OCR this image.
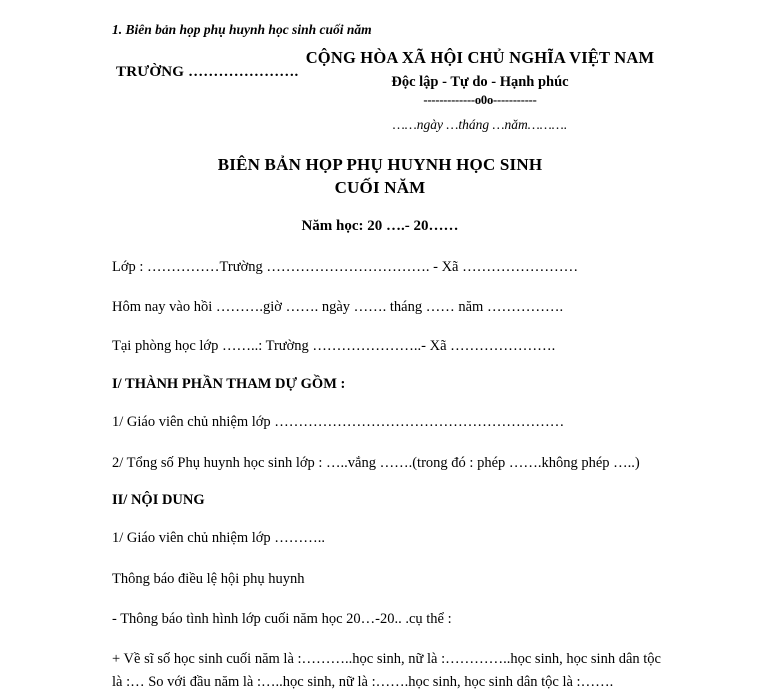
1. Biên bản họp phụ huynh học sinh cuối năm
TRƯỜNG ………………….
CỘNG HÒA XÃ HỘI CHỦ NGHĨA VIỆT NAM
Độc lập - Tự do - Hạnh phúc
-------------o0o-----------
……ngày …tháng …năm……….
BIÊN BẢN HỌP PHỤ HUYNH HỌC SINH
CUỐI NĂM
Năm học: 20 ….- 20……
Lớp : ……………Trường ……………………………. - Xã ……………………
Hôm nay vào hồi ……….giờ ……. ngày ……. tháng …… năm …………….
Tại phòng học lớp ……..: Trường …………………..- Xã ………………….
I/ THÀNH PHẦN THAM DỰ GỒM :
1/ Giáo viên chủ nhiệm lớp ……………………………………………………
2/ Tổng số Phụ huynh học sinh lớp : …..vắng …….(trong đó : phép …….không phép …..)
II/ NỘI DUNG
1/ Giáo viên chủ nhiệm lớp ………..
Thông báo điều lệ hội phụ huynh
- Thông báo tình hình lớp cuối năm học 20…-20.. .cụ thể :
+ Về sĩ số học sinh cuối năm là :………..học sinh, nữ là :…………..học sinh, học sinh dân tộc là :… So với đầu năm là :…..học sinh, nữ là :…….học sinh, học sinh dân tộc là :…….
